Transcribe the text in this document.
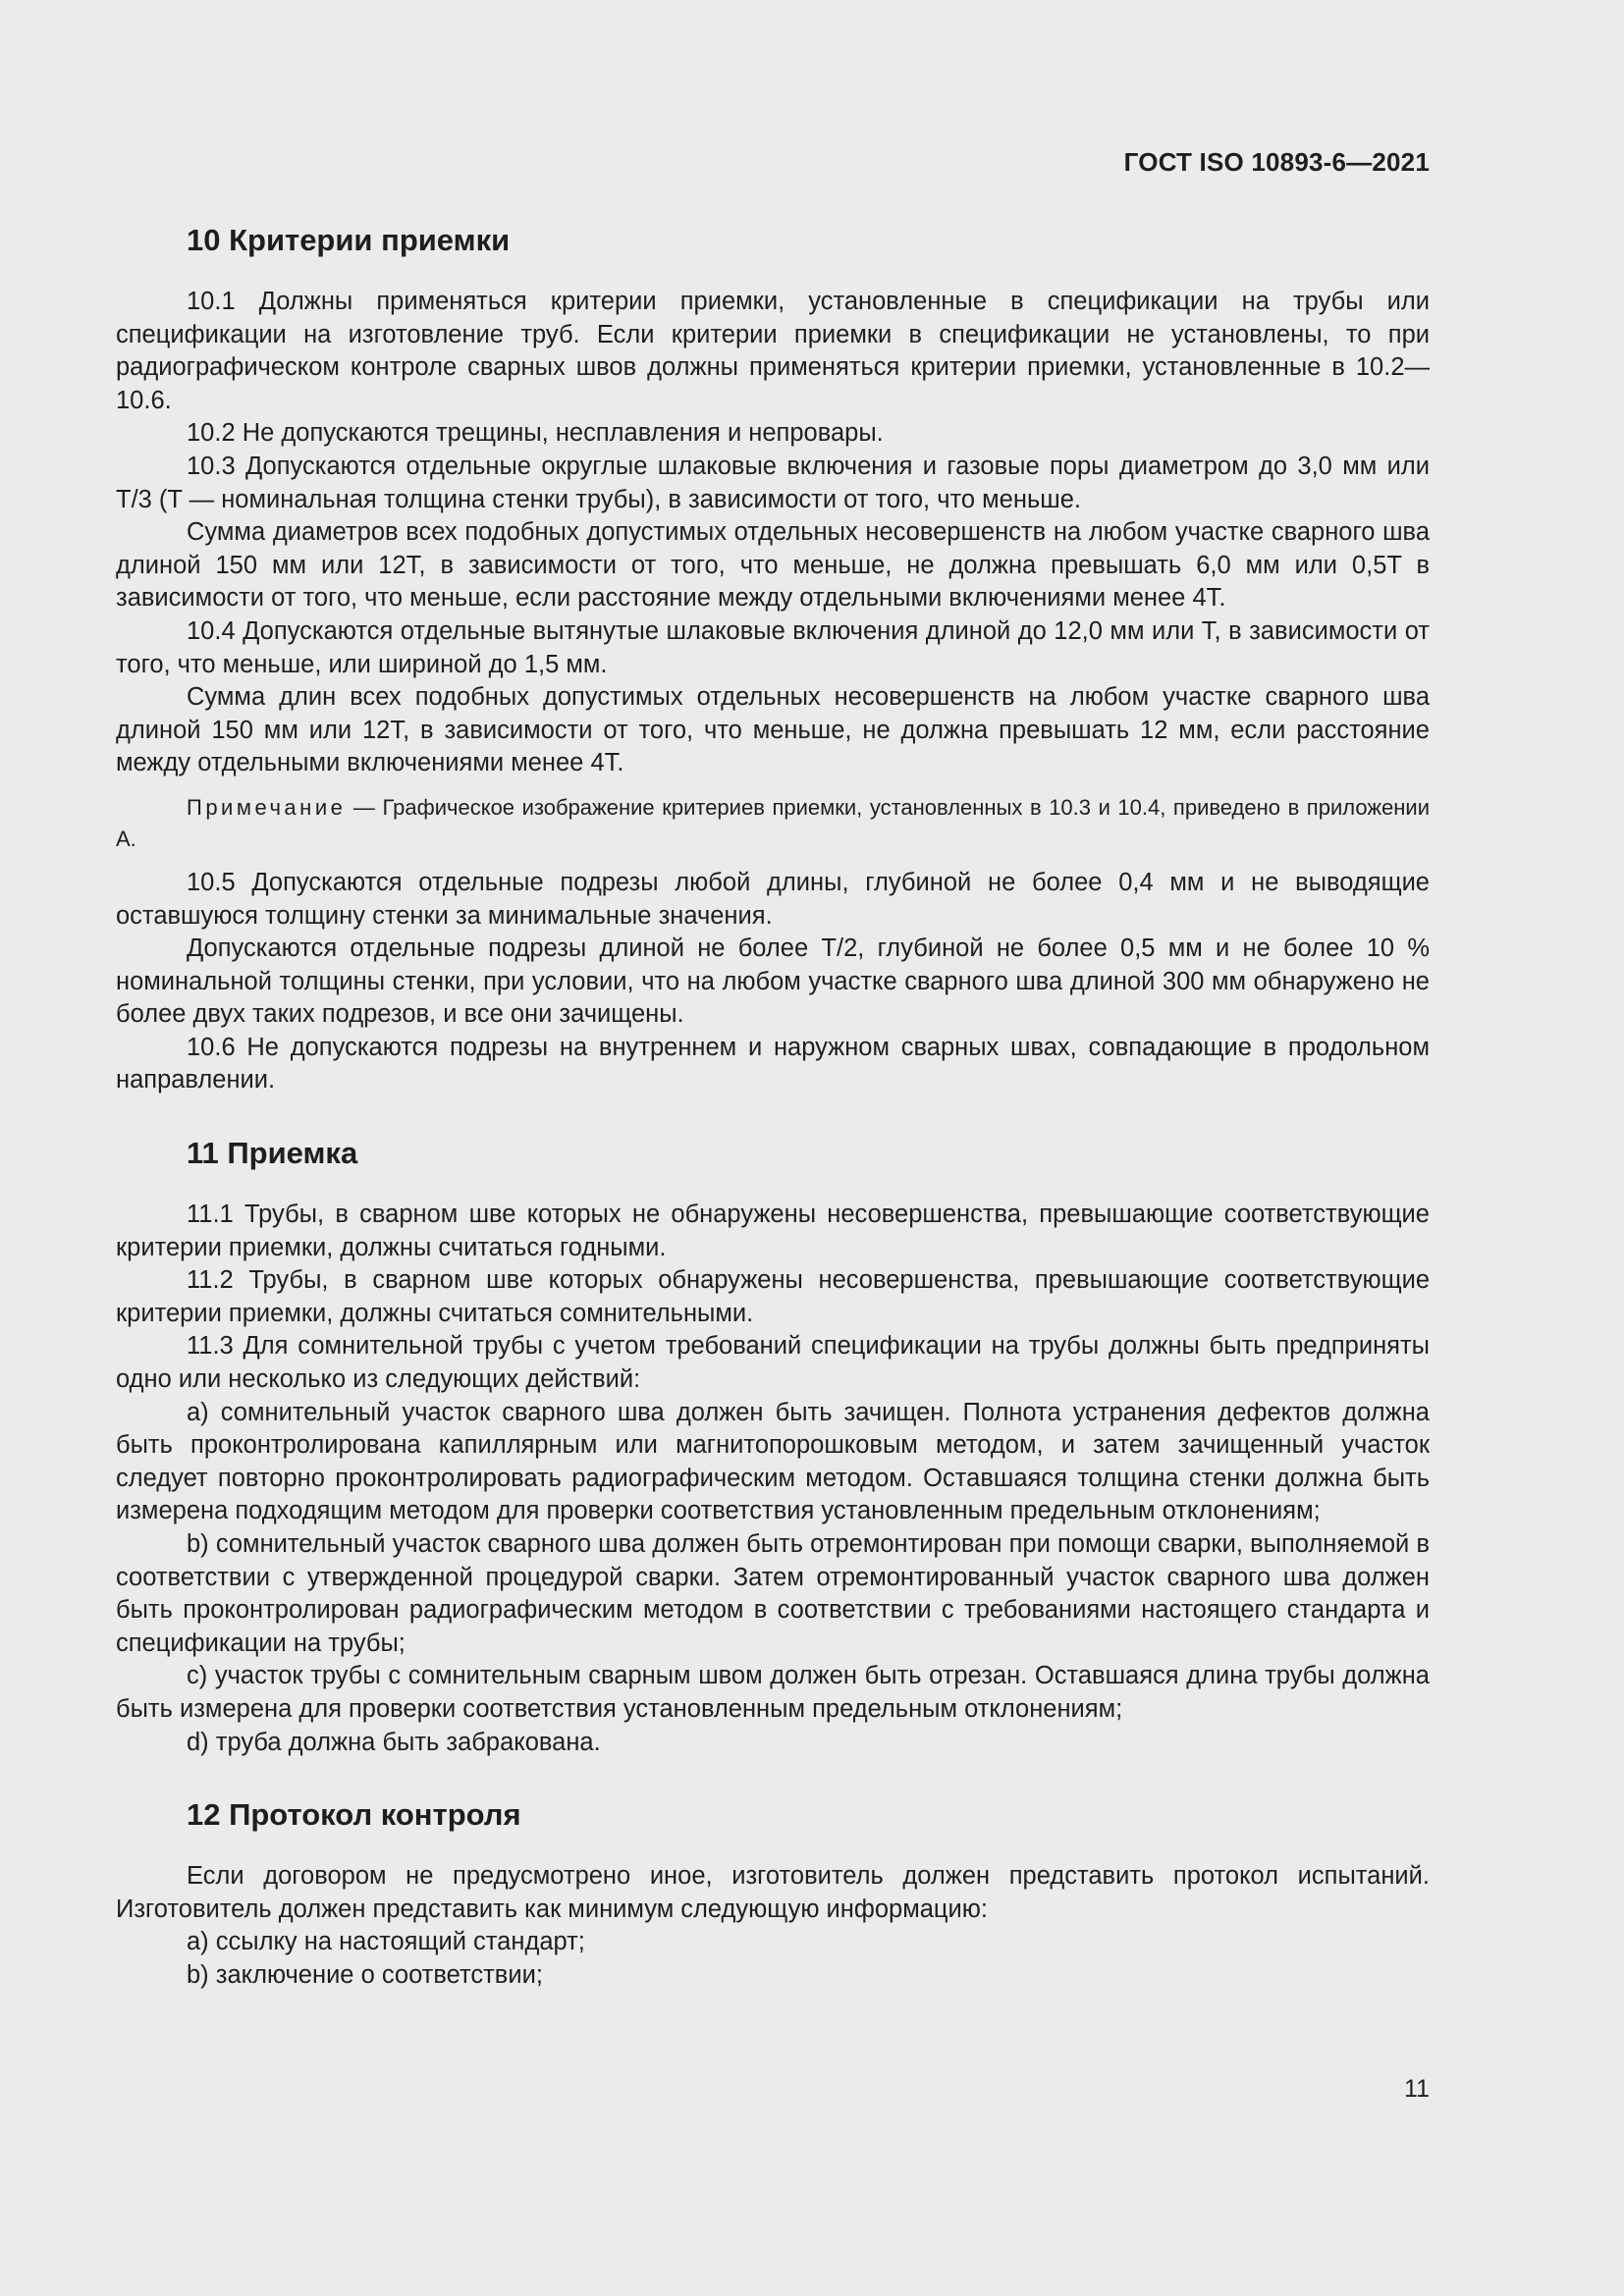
ГОСТ ISO 10893-6—2021
10 Критерии приемки

10.1 Должны применяться критерии приемки, установленные в спецификации на трубы или спецификации на изготовление труб. Если критерии приемки в спецификации не установлены, то при радиографическом контроле сварных швов должны применяться критерии приемки, установленные в 10.2—10.6.

10.2 Не допускаются трещины, несплавления и непровары.

10.3 Допускаются отдельные округлые шлаковые включения и газовые поры диаметром до 3,0 мм или T/3 (T — номинальная толщина стенки трубы), в зависимости от того, что меньше.

Сумма диаметров всех подобных допустимых отдельных несовершенств на любом участке сварного шва длиной 150 мм или 12T, в зависимости от того, что меньше, не должна превышать 6,0 мм или 0,5T в зависимости от того, что меньше, если расстояние между отдельными включениями менее 4T.

10.4 Допускаются отдельные вытянутые шлаковые включения длиной до 12,0 мм или T, в зависимости от того, что меньше, или шириной до 1,5 мм.

Сумма длин всех подобных допустимых отдельных несовершенств на любом участке сварного шва длиной 150 мм или 12T, в зависимости от того, что меньше, не должна превышать 12 мм, если расстояние между отдельными включениями менее 4T.

Примечание — Графическое изображение критериев приемки, установленных в 10.3 и 10.4, приведено в приложении А.

10.5 Допускаются отдельные подрезы любой длины, глубиной не более 0,4 мм и не выводящие оставшуюся толщину стенки за минимальные значения.

Допускаются отдельные подрезы длиной не более T/2, глубиной не более 0,5 мм и не более 10 % номинальной толщины стенки, при условии, что на любом участке сварного шва длиной 300 мм обнаружено не более двух таких подрезов, и все они зачищены.

10.6 Не допускаются подрезы на внутреннем и наружном сварных швах, совпадающие в продольном направлении.

11 Приемка

11.1 Трубы, в сварном шве которых не обнаружены несовершенства, превышающие соответствующие критерии приемки, должны считаться годными.

11.2 Трубы, в сварном шве которых обнаружены несовершенства, превышающие соответствующие критерии приемки, должны считаться сомнительными.

11.3 Для сомнительной трубы с учетом требований спецификации на трубы должны быть предприняты одно или несколько из следующих действий:

a) сомнительный участок сварного шва должен быть зачищен. Полнота устранения дефектов должна быть проконтролирована капиллярным или магнитопорошковым методом, и затем зачищенный участок следует повторно проконтролировать радиографическим методом. Оставшаяся толщина стенки должна быть измерена подходящим методом для проверки соответствия установленным предельным отклонениям;

b) сомнительный участок сварного шва должен быть отремонтирован при помощи сварки, выполняемой в соответствии с утвержденной процедурой сварки. Затем отремонтированный участок сварного шва должен быть проконтролирован радиографическим методом в соответствии с требованиями настоящего стандарта и спецификации на трубы;

c) участок трубы с сомнительным сварным швом должен быть отрезан. Оставшаяся длина трубы должна быть измерена для проверки соответствия установленным предельным отклонениям;

d) труба должна быть забракована.

12 Протокол контроля

Если договором не предусмотрено иное, изготовитель должен представить протокол испытаний. Изготовитель должен представить как минимум следующую информацию:

a) ссылку на настоящий стандарт;

b) заключение о соответствии;

11
